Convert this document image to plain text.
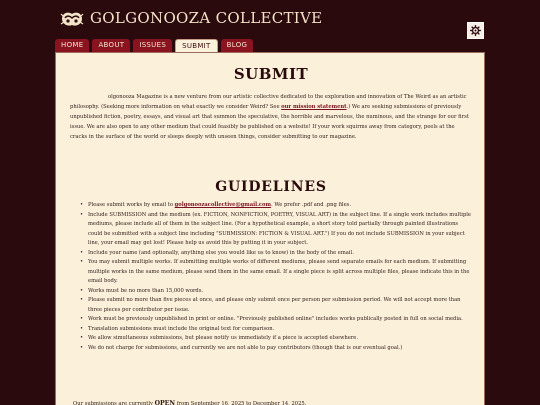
GOLGONOOZA COLLECTIVE
HOME	ABOUT	ISSUES	SUBMIT	BLOG
SUBMIT

olgonooza Magazine is a new venture from our artistic collective dedicated to the exploration and innovation of The Weird as an artistic philosophy. (Seeking more information on what exactly we consider Weird? See our mission statement.) We are seeking submissions of previously unpublished fiction, poetry, essays, and visual art that summon the speculative, the horrible and marvelous, the numinous, and the strange for our first issue. We are also open to any other medium that could feasibly be published on a website! If your work squirms away from category, peels at the cracks in the surface of the world or sleeps deeply with unseen things, consider submitting to our magazine.

GUIDELINES
• Please submit works by email to golgonoozacollective@gmail.com. We prefer .pdf and .png files.
• Include SUBMISSION and the medium (ex. FICTION, NONFICTION, POETRY, VISUAL ART) in the subject line. If a single work includes multiple mediums, please include all of them in the subject line. (For a hypothetical example, a short story told partially through painted illustrations could be submitted with a subject line including "SUBMISSION: FICTION & VISUAL ART.") If you do not include SUBMISSION in your subject line, your email may get lost! Please help us avoid this by putting it in your subject.
• Include your name (and optionally, anything else you would like us to know) in the body of the email.
• You may submit multiple works. If submitting multiple works of different mediums, please send separate emails for each medium. If submitting multiple works in the same medium, please send them in the same email. If a single piece is split across multiple files, please indicate this in the email body.
• Works must be no more than 15,000 words.
• Please submit no more than five pieces at once, and please only submit once per person per submission period. We will not accept more than three pieces per contributor per issue.
• Work must be previously unpublished in print or online. "Previously published online" includes works publically posted in full on social media.
• Translation submissions must include the original text for comparison.
• We allow simultaneous submissions, but please notify us immediately if a piece is accepted elsewhere.
• We do not charge for submissions, and currently we are not able to pay contributors (though that is our eventual goal.)

Our submissions are currently OPEN from September 16, 2025 to December 14, 2025.
